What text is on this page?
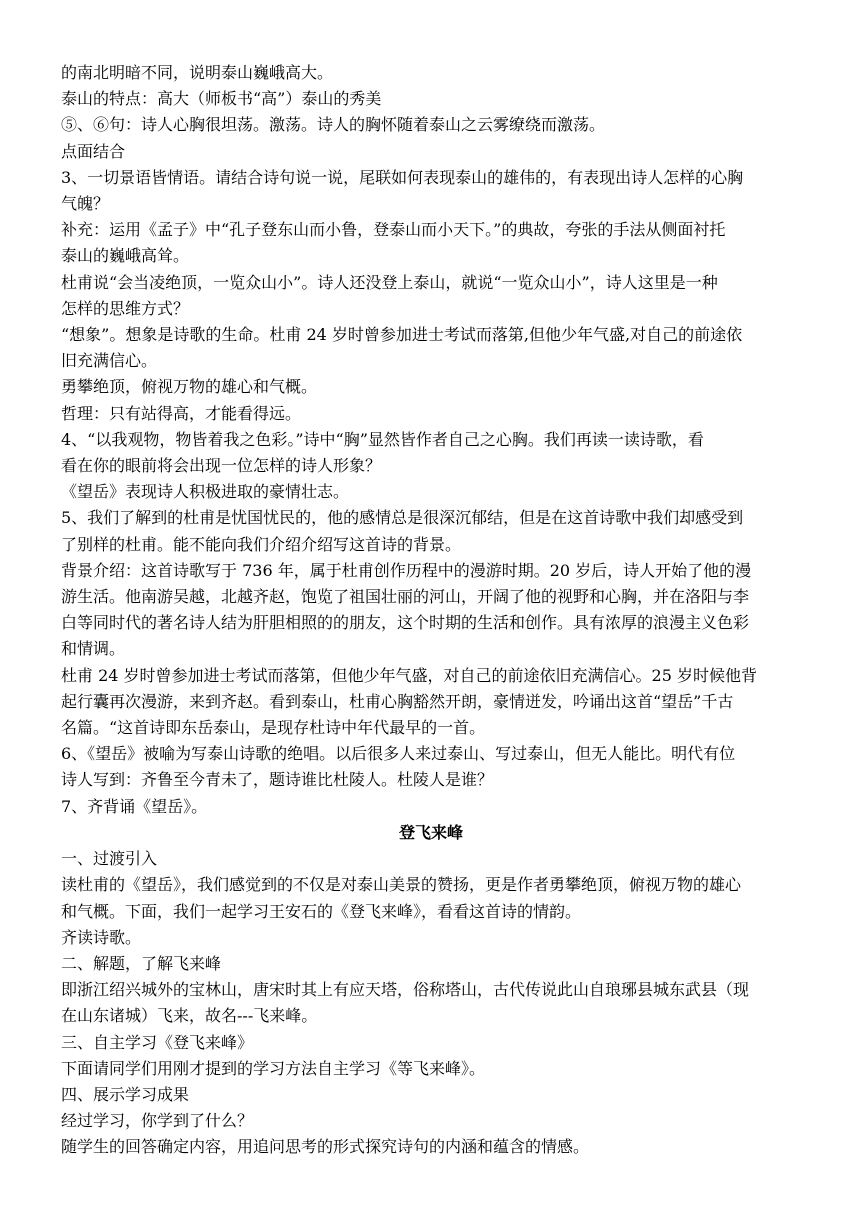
的南北明暗不同，说明泰山巍峨高大。
泰山的特点：高大（师板书“高”）泰山的秀美
⑤、⑥句：诗人心胸很坦荡。激荡。诗人的胸怀随着泰山之云雾缭绕而激荡。
点面结合
3、一切景语皆情语。请结合诗句说一说，尾联如何表现泰山的雄伟的，有表现出诗人怎样的心胸
气魄？
补充：运用《孟子》中“孔子登东山而小鲁，登泰山而小天下。”的典故，夸张的手法从侧面衬托
泰山的巍峨高耸。
杜甫说“会当凌绝顶，一览众山小”。诗人还没登上泰山，就说“一览众山小”，诗人这里是一种
怎样的思维方式？
“想象”。想象是诗歌的生命。杜甫 24 岁时曾参加进士考试而落第,但他少年气盛,对自己的前途依
旧充满信心。
勇攀绝顶，俯视万物的雄心和气概。
哲理：只有站得高，才能看得远。
4、“以我观物，物皆着我之色彩。”诗中“胸”显然皆作者自己之心胸。我们再读一读诗歌，看
看在你的眼前将会出现一位怎样的诗人形象？
《望岳》表现诗人积极进取的豪情壮志。
5、我们了解到的杜甫是忧国忧民的，他的感情总是很深沉郁结，但是在这首诗歌中我们却感受到
了别样的杜甫。能不能向我们介绍介绍写这首诗的背景。
背景介绍：这首诗歌写于 736 年，属于杜甫创作历程中的漫游时期。20 岁后，诗人开始了他的漫
游生活。他南游吴越，北越齐赵，饱览了祖国壮丽的河山，开阔了他的视野和心胸，并在洛阳与李
白等同时代的著名诗人结为肝胆相照的的朋友，这个时期的生活和创作。具有浓厚的浪漫主义色彩
和情调。
杜甫 24 岁时曾参加进士考试而落第，但他少年气盛，对自己的前途依旧充满信心。25 岁时候他背
起行囊再次漫游，来到齐赵。看到泰山，杜甫心胸豁然开朗，豪情迸发，吟诵出这首“望岳”千古
名篇。“这首诗即东岳泰山，是现存杜诗中年代最早的一首。
6、《望岳》被喻为写泰山诗歌的绝唱。以后很多人来过泰山、写过泰山，但无人能比。明代有位
诗人写到：齐鲁至今青未了，题诗谁比杜陵人。杜陵人是谁？
7、齐背诵《望岳》。
登飞来峰
一、过渡引入
读杜甫的《望岳》，我们感觉到的不仅是对泰山美景的赞扬，更是作者勇攀绝顶，俯视万物的雄心
和气概。下面，我们一起学习王安石的《登飞来峰》，看看这首诗的情韵。
齐读诗歌。
二、解题，了解飞来峰
即浙江绍兴城外的宝林山，唐宋时其上有应天塔，俗称塔山，古代传说此山自琅琊县城东武县（现
在山东诸城）飞来，故名---飞来峰。
三、自主学习《登飞来峰》
下面请同学们用刚才提到的学习方法自主学习《等飞来峰》。
四、展示学习成果
经过学习，你学到了什么？
随学生的回答确定内容，用追问思考的形式探究诗句的内涵和蕴含的情感。
